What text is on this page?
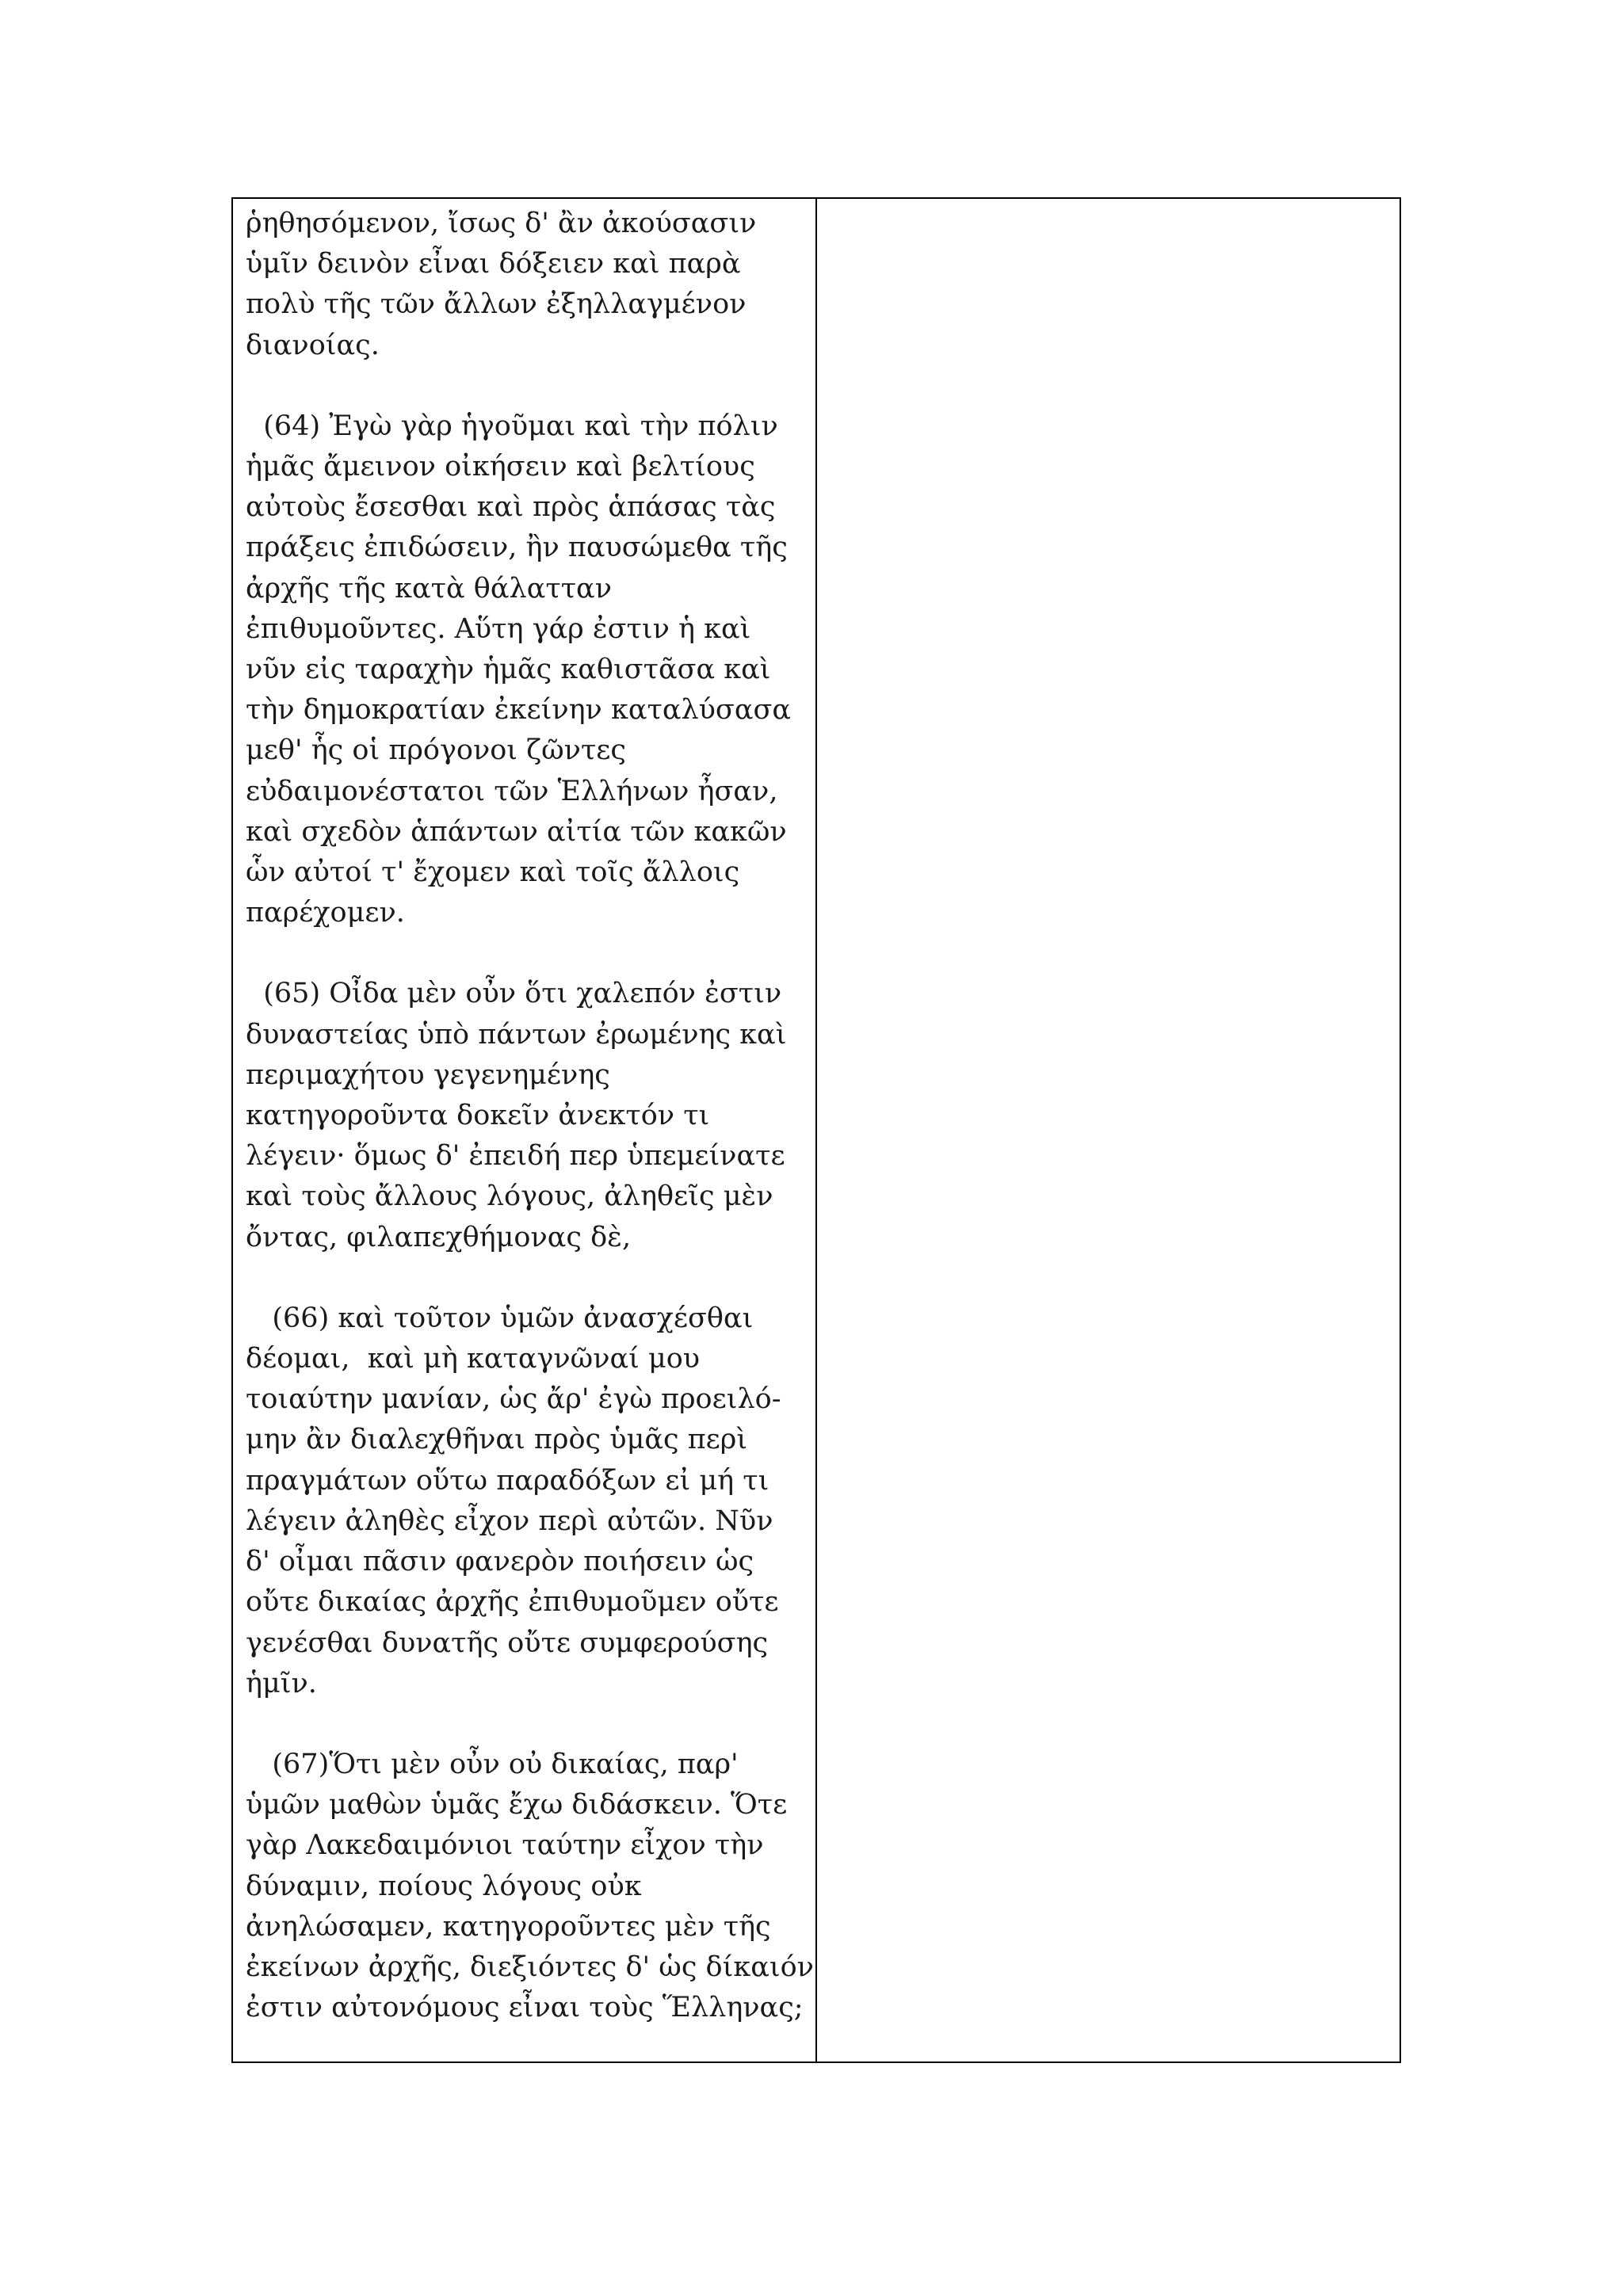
ῥηθησόμενον, ἴσως δ' ἂν ἀκούσασιν
ὑμῖν δεινὸν εἶναι δόξειεν καὶ παρὰ
πολὺ τῆς τῶν ἄλλων ἐξηλλαγμένον
διανοίας.

(64) Ἐγὼ γὰρ ἡγοῦμαι καὶ τὴν πόλιν
ἡμᾶς ἄμεινον οἰκήσειν καὶ βελτίους
αὐτοὺς ἔσεσθαι καὶ πρὸς ἁπάσας τὰς
πράξεις ἐπιδώσειν, ἢν παυσώμεθα τῆς
ἀρχῆς τῆς κατὰ θάλατταν
ἐπιθυμοῦντες. Αὕτη γάρ ἐστιν ἡ καὶ
νῦν εἰς ταραχὴν ἡμᾶς καθιστᾶσα καὶ
τὴν δημοκρατίαν ἐκείνην καταλύσασα
μεθ' ἧς οἱ πρόγονοι ζῶντες
εὐδαιμονέστατοι τῶν Ἑλλήνων ἦσαν,
καὶ σχεδὸν ἁπάντων αἰτία τῶν κακῶν
ὧν αὐτοί τ' ἔχομεν καὶ τοῖς ἄλλοις
παρέχομεν.

(65) Οἶδα μὲν οὖν ὅτι χαλεπόν ἐστιν
δυναστείας ὑπὸ πάντων ἐρωμένης καὶ
περιμαχήτου γεγενημένης
κατηγοροῦντα δοκεῖν ἀνεκτόν τι
λέγειν· ὅμως δ' ἐπειδή περ ὑπεμείνατε
καὶ τοὺς ἄλλους λόγους, ἀληθεῖς μὲν
ὄντας, φιλαπεχθήμονας δὲ,

(66) καὶ τοῦτον ὑμῶν ἀνασχέσθαι
δέομαι,  καὶ μὴ καταγνῶναί μου
τοιαύτην μανίαν, ὡς ἄρ' ἐγὼ προειλό-
μην ἂν διαλεχθῆναι πρὸς ὑμᾶς περὶ
πραγμάτων οὕτω παραδόξων εἰ μή τι
λέγειν ἀληθὲς εἶχον περὶ αὐτῶν. Νῦν
δ' οἶμαι πᾶσιν φανερὸν ποιήσειν ὡς
οὔτε δικαίας ἀρχῆς ἐπιθυμοῦμεν οὔτε
γενέσθαι δυνατῆς οὔτε συμφερούσης
ἡμῖν.

(67)Ὅτι μὲν οὖν οὐ δικαίας, παρ'
ὑμῶν μαθὼν ὑμᾶς ἔχω διδάσκειν. Ὅτε
γὰρ Λακεδαιμόνιοι ταύτην εἶχον τὴν
δύναμιν, ποίους λόγους οὐκ
ἀνηλώσαμεν, κατηγοροῦντες μὲν τῆς
ἐκείνων ἀρχῆς, διεξιόντες δ' ὡς δίκαιόν
ἐστιν αὐτονόμους εἶναι τοὺς Ἕλληνας;
